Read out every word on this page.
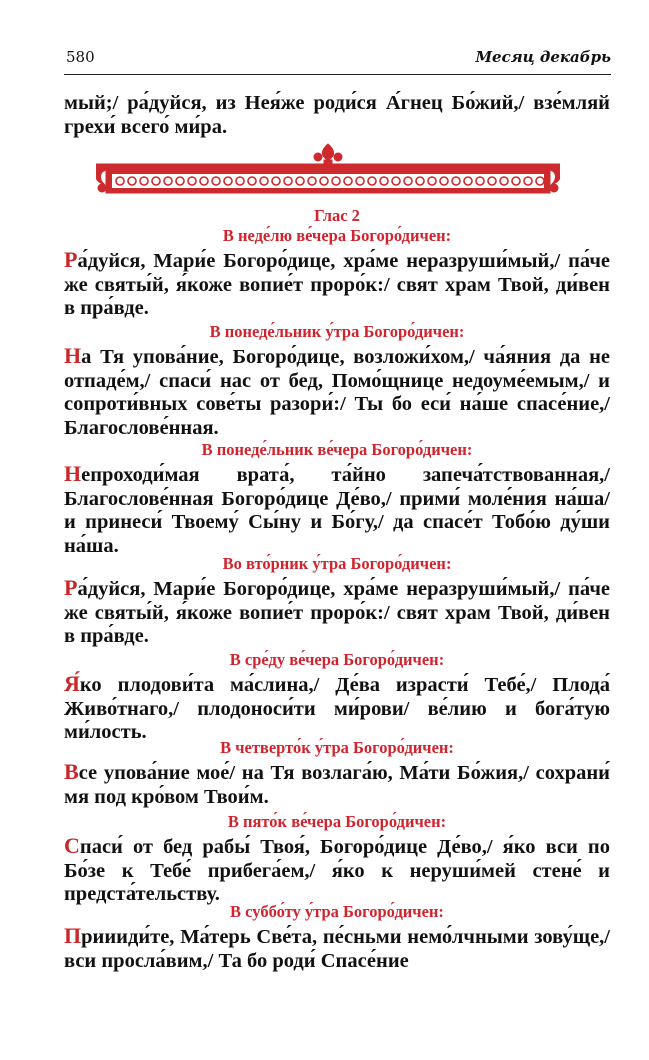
580	Месяц декабрь
мый;/ ра́дуйся, из Нея́же роди́ся А́гнец Бо́жий,/ взе́мляй грехи́ всего́ ми́ра.
Глас 2
В неде́лю ве́чера Богоро́дичен:
Ра́дуйся, Мари́е Богоро́дице, хра́ме неразруши́мый,/ па́че же святы́й, я́коже вопие́т проро́к:/ свят храм Твой, ди́вен в пра́вде.
В понеде́льник у́тра Богоро́дичен:
На Тя упова́ние, Богоро́дице, возложи́хом,/ ча́яния да не отпаде́м,/ спаси́ нас от бед, Помо́щнице недоуме́емым,/ и сопроти́вных сове́ты разори́:/ Ты бо еси́ на́ше спасе́ние,/ Благослове́нная.
В понеде́льник ве́чера Богоро́дичен:
Непроходи́мая врата́, та́йно запеча́тствованная,/ Благослове́нная Богоро́дице Де́во,/ прими́ моле́ния на́ша/ и принеси́ Твоему́ Сы́ну и Бо́гу,/ да спасе́т Тобо́ю ду́ши на́ша.
Во вто́рник у́тра Богоро́дичен:
Ра́дуйся, Мари́е Богоро́дице, хра́ме неразруши́мый,/ па́че же святы́й, я́коже вопие́т проро́к:/ свят храм Твой, ди́вен в пра́вде.
В сре́ду ве́чера Богоро́дичен:
Я́ко плодови́та ма́слина,/ Де́ва израсти́ Тебе́,/ Плода́ Живо́тнаго,/ плодоноси́ти ми́рови/ ве́лию и бога́тую ми́лость.
В четверто́к у́тра Богоро́дичен:
Все упова́ние мое́/ на Тя возлага́ю, Ма́ти Бо́жия,/ сохрани́ мя под кро́вом Твои́м.
В пято́к ве́чера Богоро́дичен:
Спаси́ от бед рабы́ Твоя́, Богоро́дице Де́во,/ я́ко вси по Бо́зе к Тебе́ прибега́ем,/ я́ко к неруши́мей стене́ и предста́тельству.
В суббо́ту у́тра Богоро́дичен:
Приииди́те, Ма́терь Све́та, пе́сньми немо́лчными зову́ще,/ вси просла́вим,/ Та бо роди́ Спасе́ние
